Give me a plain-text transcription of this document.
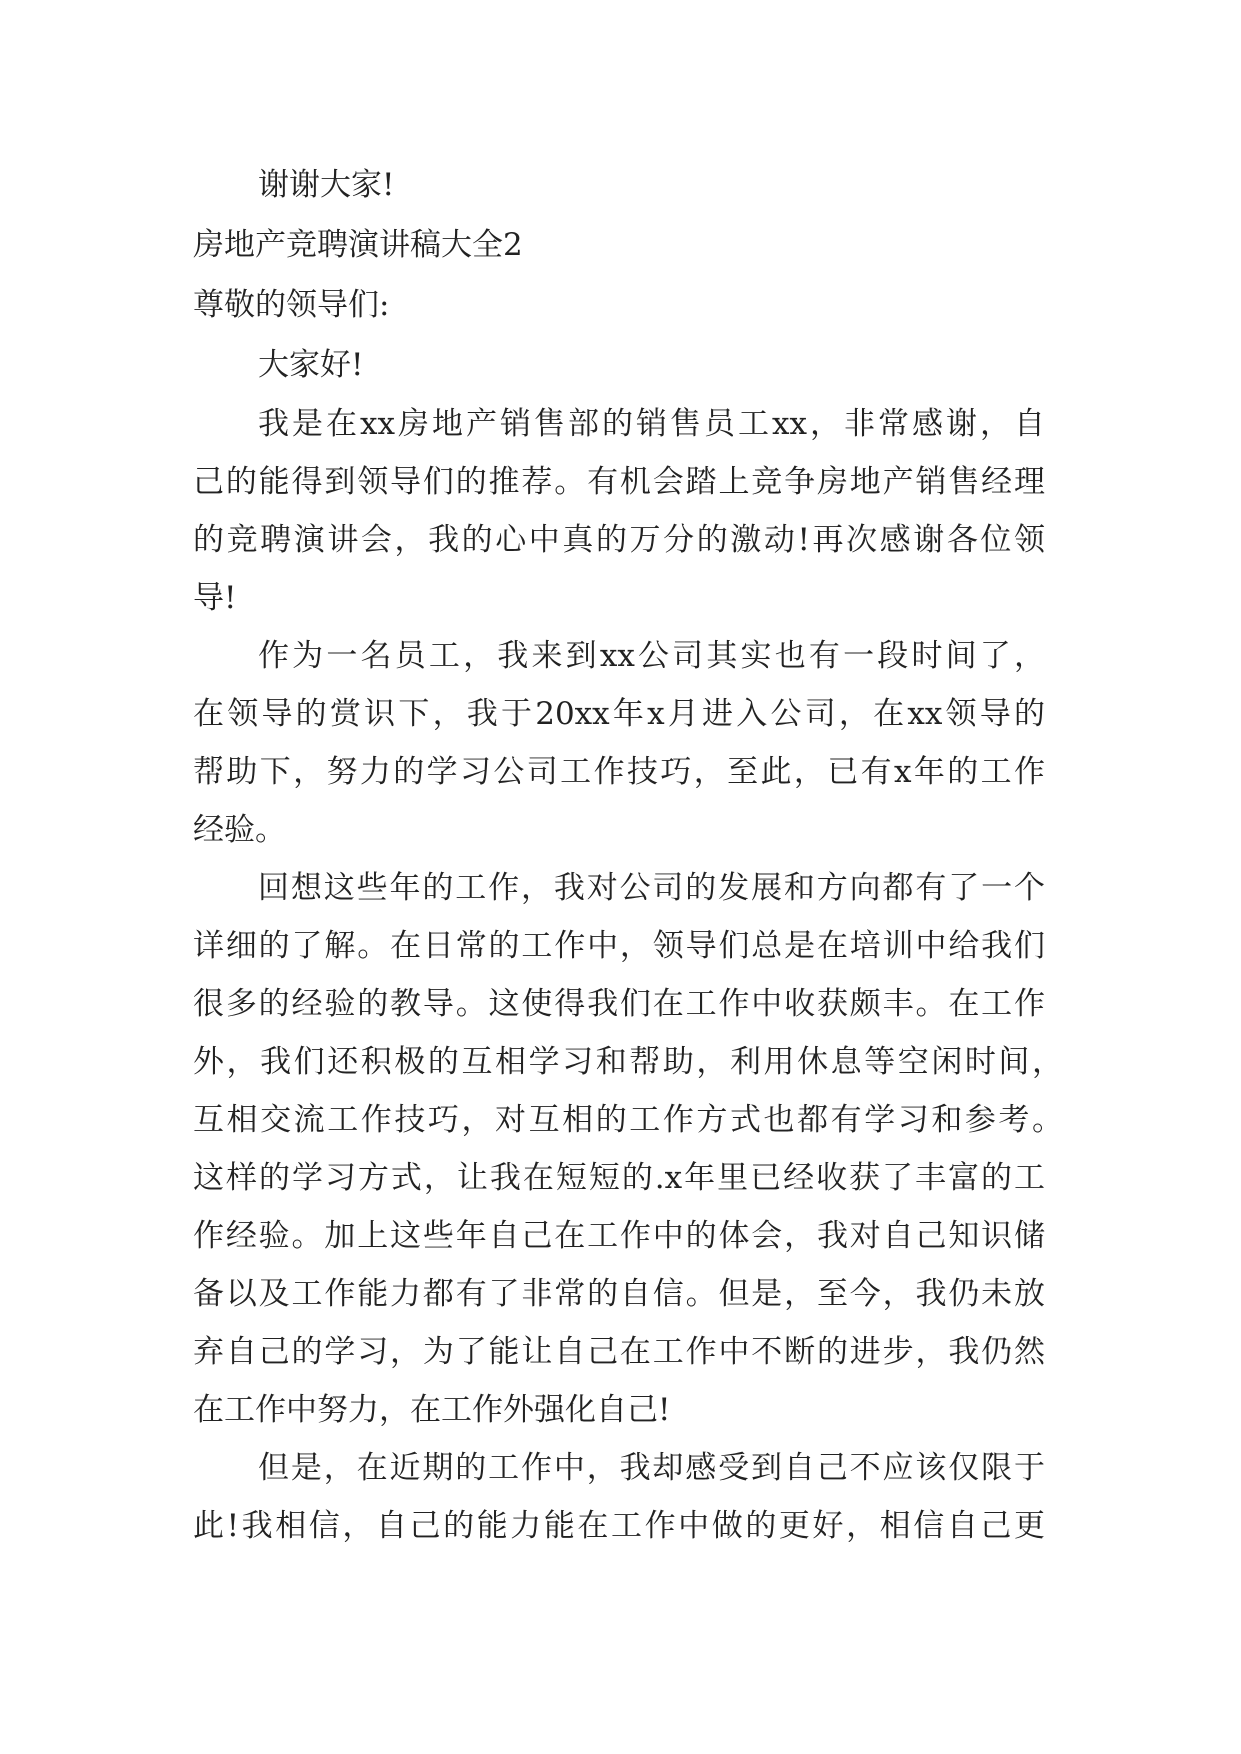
谢谢大家!
房地产竞聘演讲稿大全2
尊敬的领导们:
大家好!
我是在xx房地产销售部的销售员工xx，非常感谢，自
己的能得到领导们的推荐。有机会踏上竞争房地产销售经理
的竞聘演讲会，我的心中真的万分的激动!再次感谢各位领
导!
作为一名员工，我来到xx公司其实也有一段时间了，
在领导的赏识下，我于20xx年x月进入公司，在xx领导的
帮助下，努力的学习公司工作技巧，至此，已有x年的工作
经验。
回想这些年的工作，我对公司的发展和方向都有了一个
详细的了解。在日常的工作中，领导们总是在培训中给我们
很多的经验的教导。这使得我们在工作中收获颇丰。在工作
外，我们还积极的互相学习和帮助，利用休息等空闲时间，
互相交流工作技巧，对互相的工作方式也都有学习和参考。
这样的学习方式，让我在短短的.x年里已经收获了丰富的工
作经验。加上这些年自己在工作中的体会，我对自己知识储
备以及工作能力都有了非常的自信。但是，至今，我仍未放
弃自己的学习，为了能让自己在工作中不断的进步，我仍然
在工作中努力，在工作外强化自己!
但是，在近期的工作中，我却感受到自己不应该仅限于
此!我相信，自己的能力能在工作中做的更好，相信自己更
